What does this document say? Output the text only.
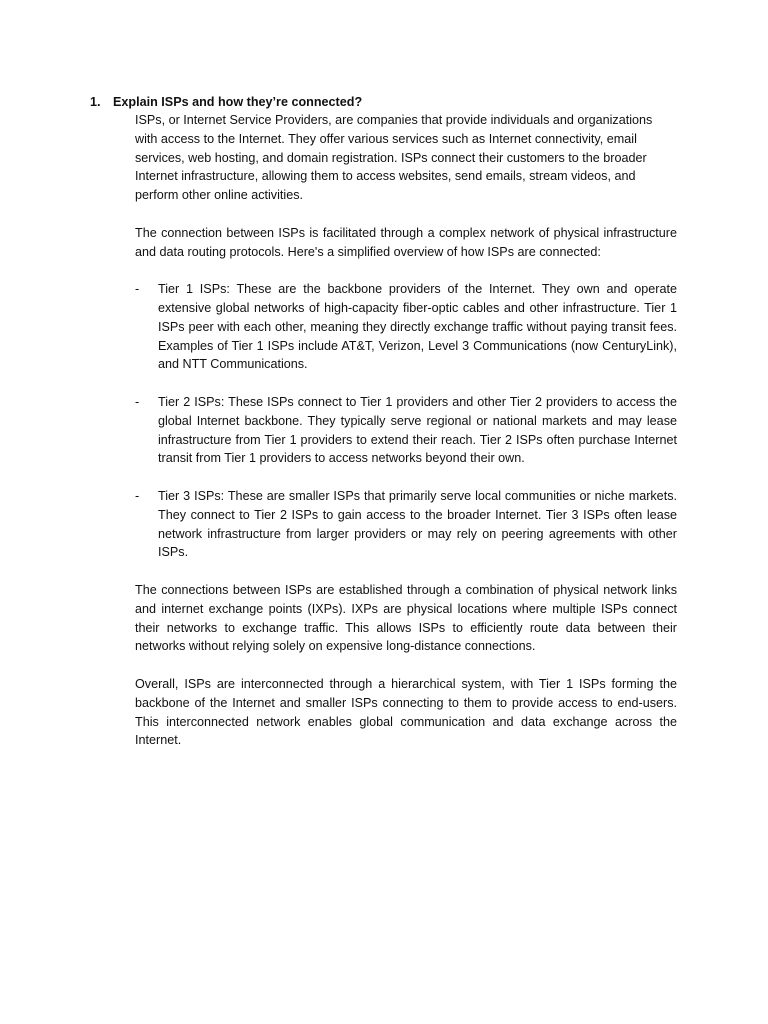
1. Explain ISPs and how they’re connected?

ISPs, or Internet Service Providers, are companies that provide individuals and organizations with access to the Internet. They offer various services such as Internet connectivity, email services, web hosting, and domain registration. ISPs connect their customers to the broader Internet infrastructure, allowing them to access websites, send emails, stream videos, and perform other online activities.

The connection between ISPs is facilitated through a complex network of physical infrastructure and data routing protocols. Here's a simplified overview of how ISPs are connected:

-	Tier 1 ISPs: These are the backbone providers of the Internet. They own and operate extensive global networks of high-capacity fiber-optic cables and other infrastructure. Tier 1 ISPs peer with each other, meaning they directly exchange traffic without paying transit fees. Examples of Tier 1 ISPs include AT&T, Verizon, Level 3 Communications (now CenturyLink), and NTT Communications.
-	Tier 2 ISPs: These ISPs connect to Tier 1 providers and other Tier 2 providers to access the global Internet backbone. They typically serve regional or national markets and may lease infrastructure from Tier 1 providers to extend their reach. Tier 2 ISPs often purchase Internet transit from Tier 1 providers to access networks beyond their own.
-	Tier 3 ISPs: These are smaller ISPs that primarily serve local communities or niche markets. They connect to Tier 2 ISPs to gain access to the broader Internet. Tier 3 ISPs often lease network infrastructure from larger providers or may rely on peering agreements with other ISPs.

The connections between ISPs are established through a combination of physical network links and internet exchange points (IXPs). IXPs are physical locations where multiple ISPs connect their networks to exchange traffic. This allows ISPs to efficiently route data between their networks without relying solely on expensive long-distance connections.

Overall, ISPs are interconnected through a hierarchical system, with Tier 1 ISPs forming the backbone of the Internet and smaller ISPs connecting to them to provide access to end-users. This interconnected network enables global communication and data exchange across the Internet.
